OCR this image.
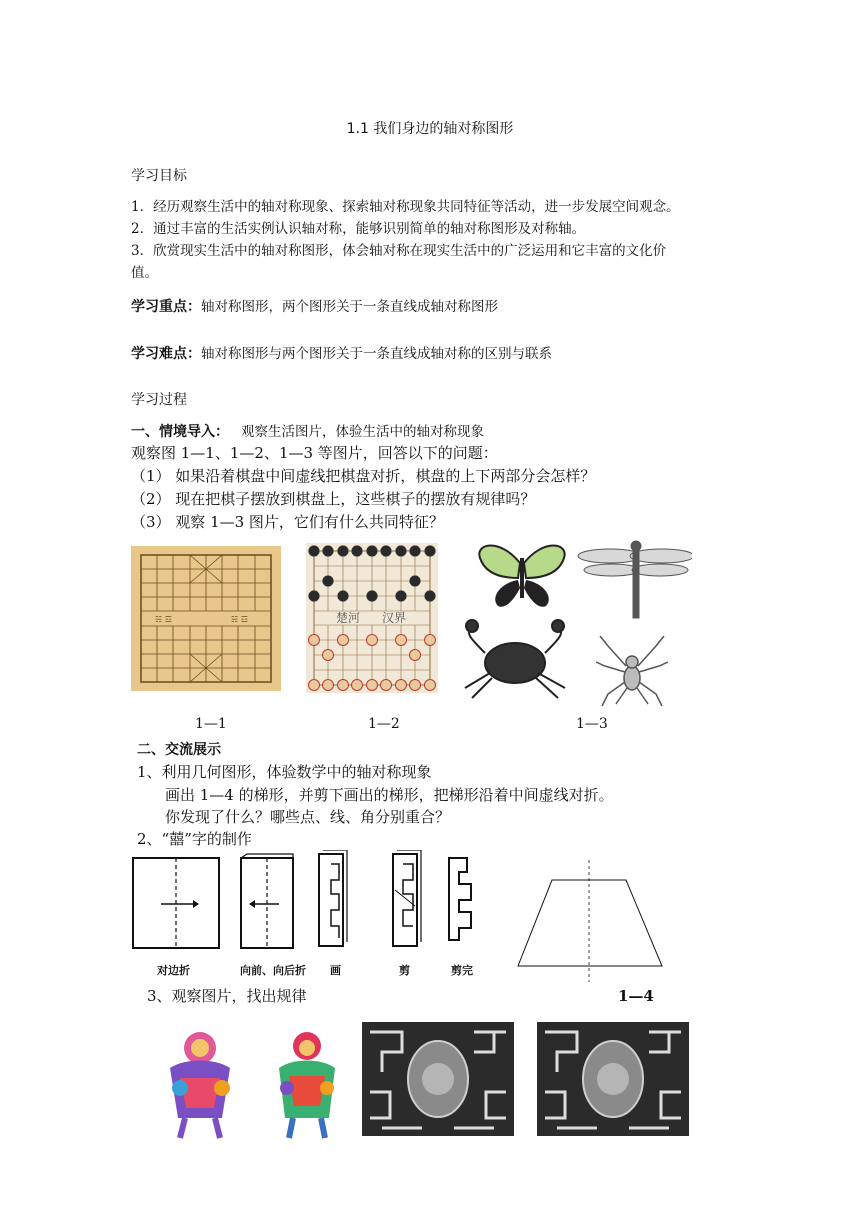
1.1 我们身边的轴对称图形
学习目标
1．经历观察生活中的轴对称现象、探索轴对称现象共同特征等活动，进一步发展空间观念。
2．通过丰富的生活实例认识轴对称，能够识别简单的轴对称图形及对称轴。
3．欣赏现实生活中的轴对称图形，体会轴对称在现实生活中的广泛运用和它丰富的文化价
值。
学习重点：轴对称图形，两个图形关于一条直线成轴对称图形
学习难点：轴对称图形与两个图形关于一条直线成轴对称的区别与联系
学习过程
一、情境导入： 观察生活图片，体验生活中的轴对称现象
观察图 1—1、1—2、1—3 等图片，回答以下的问题：
（1） 如果沿着棋盘中间虚线把棋盘对折，棋盘的上下两部分会怎样？
（2） 现在把棋子摆放到棋盘上，这些棋子的摆放有规律吗？
（3） 观察 1—3 图片，它们有什么共同特征？
☵ ☲	☵ ☲	楚河 汉界
1—1	1—2	1—3
二、交流展示
1、利用几何图形，体验数学中的轴对称现象
画出 1—4 的梯形，并剪下画出的梯形，把梯形沿着中间虚线对折。
你发现了什么？哪些点、线、角分别重合？
2、“囍”字的制作
对边折	向前、向后折 画	剪	剪完
3、观察图片，找出规律	1—4
